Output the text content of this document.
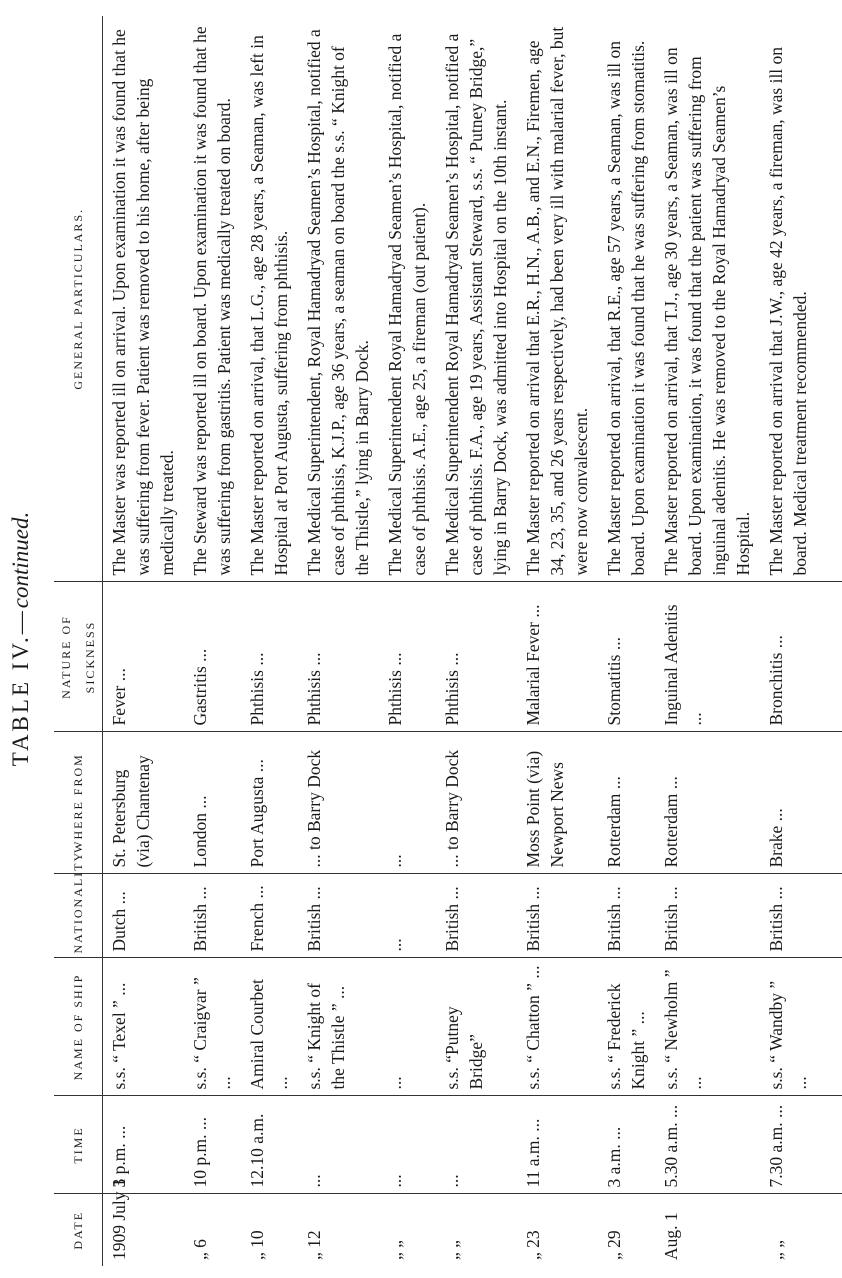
TABLE IV.—continued.
DATE	TIME	NAME OF SHIP	NATIONALITY	WHERE FROM	NATURE OF SICKNESS	GENERAL PARTICULARS.
1909 July 1	3 p.m. ...	s.s. “ Texel ” ...	Dutch ...	St. Petersburg (via) Chantenay	Fever ...	The Master was reported ill on arrival. Upon examination it was found that he was suffering from fever. Patient was removed to his home, after being medically treated.
„ 6	10 p.m. ...	s.s. “ Craigvar ” ...	British ...	London ...	Gastritis ...	The Steward was reported ill on board. Upon examination it was found that he was suffering from gastritis. Patient was medically treated on board.
„ 10	12.10 a.m.	Amiral Courbet ...	French ...	Port Augusta ...	Phthisis ...	The Master reported on arrival, that L.G., age 28 years, a Seaman, was left in Hospital at Port Augusta, suffering from phthisis.
„ 12	...	s.s. “ Knight of the Thistle ” ...	British ...	... to Barry Dock	Phthisis ...	The Medical Superintendent, Royal Hamadryad Seamen’s Hospital, notified a case of phthisis, K.J.P., age 36 years, a seaman on board the s.s. “ Knight of the Thistle,” lying in Barry Dock.
„ „	...	...	...	...	Phthisis ...	The Medical Superintendent Royal Hamadryad Seamen’s Hospital, notified a case of phthisis. A.E., age 25, a fireman (out patient).
„ „	...	s.s. “Putney Bridge”	British ...	... to Barry Dock	Phthisis ...	The Medical Superintendent Royal Hamadryad Seamen’s Hospital, notified a case of phthisis. F.A., age 19 years, Assistant Steward, s.s. “ Putney Bridge,” lying in Barry Dock, was admitted into Hospital on the 10th instant.
„ 23	11 a.m. ...	s.s. “ Chatton ” ...	British ...	Moss Point (via) Newport News	Malarial Fever ...	The Master reported on arrival that E.R., H.N., A.B., and E.N., Firemen, age 34, 23, 35, and 26 years respectively, had been very ill with malarial fever, but were now convalescent.
„ 29	3 a.m. ...	s.s. “ Frederick Knight ” ...	British ...	Rotterdam ...	Stomatitis ...	The Master reported on arrival, that R.E., age 57 years, a Seaman, was ill on board. Upon examination it was found that he was suffering from stomatitis.
Aug. 1	5.30 a.m. ...	s.s. “ Newholm ” ...	British ...	Rotterdam ...	Inguinal Adenitis ...	The Master reported on arrival, that T.J., age 30 years, a Seaman, was ill on board. Upon examination, it was found that the patient was suffering from inguinal adenitis. He was removed to the Royal Hamadryad Seamen’s Hospital.
„ „	7.30 a.m. ...	s.s. “ Wandby ” ...	British ...	Brake ...	Bronchitis ...	The Master reported on arrival that J.W., age 42 years, a fireman, was ill on board. Medical treatment recommended.
